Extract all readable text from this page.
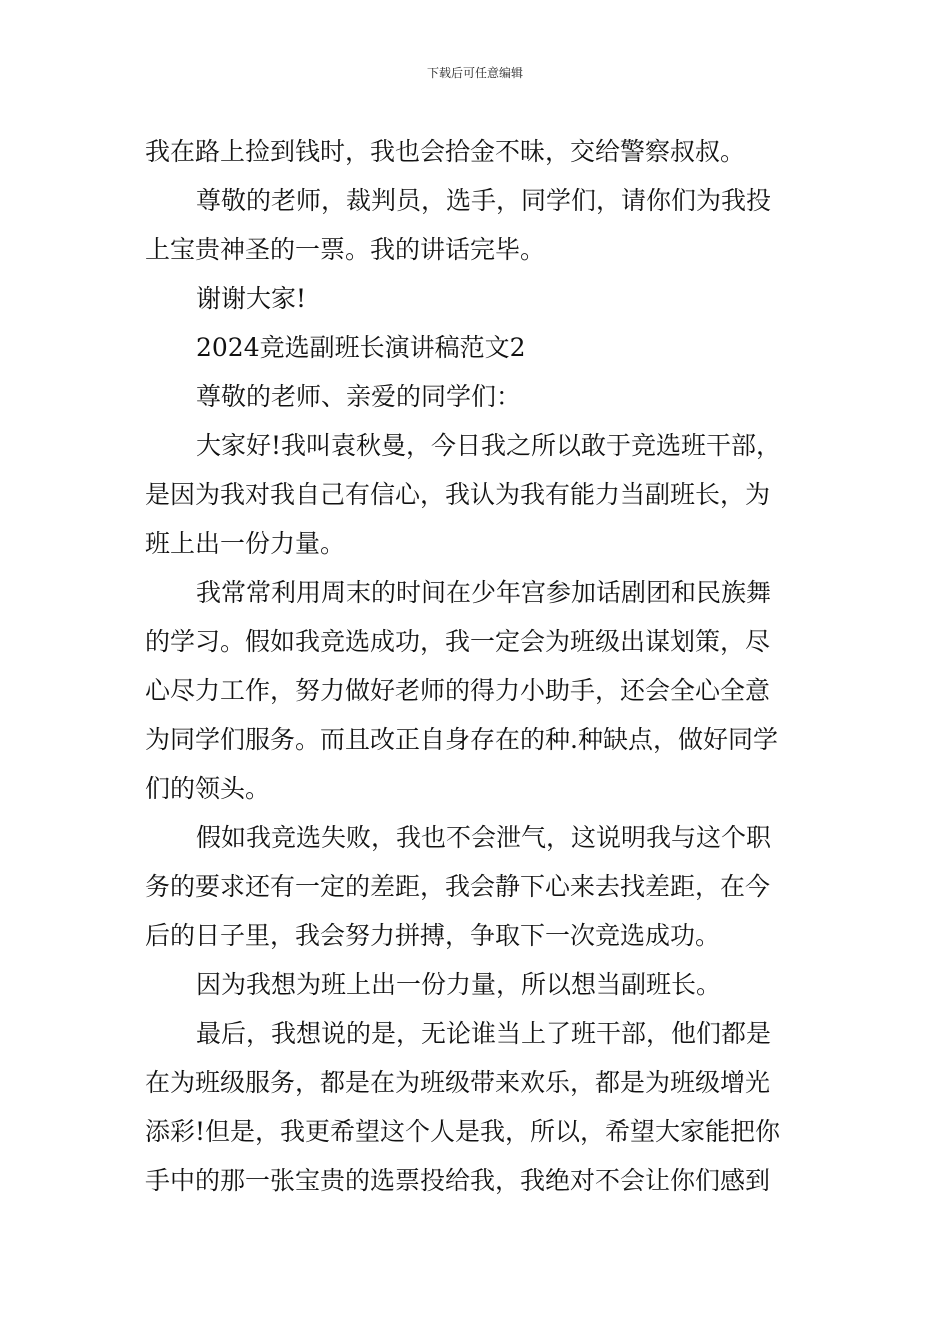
下载后可任意编辑
我在路上捡到钱时，我也会拾金不昧，交给警察叔叔。
尊敬的老师，裁判员，选手，同学们，请你们为我投
上宝贵神圣的一票。我的讲话完毕。
谢谢大家!
2024竞选副班长演讲稿范文2
尊敬的老师、亲爱的同学们：
大家好!我叫袁秋曼，今日我之所以敢于竞选班干部，
是因为我对我自己有信心，我认为我有能力当副班长，为
班上出一份力量。
我常常利用周末的时间在少年宫参加话剧团和民族舞
的学习。假如我竞选成功，我一定会为班级出谋划策，尽
心尽力工作，努力做好老师的得力小助手，还会全心全意
为同学们服务。而且改正自身存在的种.种缺点，做好同学
们的领头。
假如我竞选失败，我也不会泄气，这说明我与这个职
务的要求还有一定的差距，我会静下心来去找差距，在今
后的日子里，我会努力拼搏，争取下一次竞选成功。
因为我想为班上出一份力量，所以想当副班长。
最后，我想说的是，无论谁当上了班干部，他们都是
在为班级服务，都是在为班级带来欢乐，都是为班级增光
添彩!但是，我更希望这个人是我，所以，希望大家能把你
手中的那一张宝贵的选票投给我，我绝对不会让你们感到
